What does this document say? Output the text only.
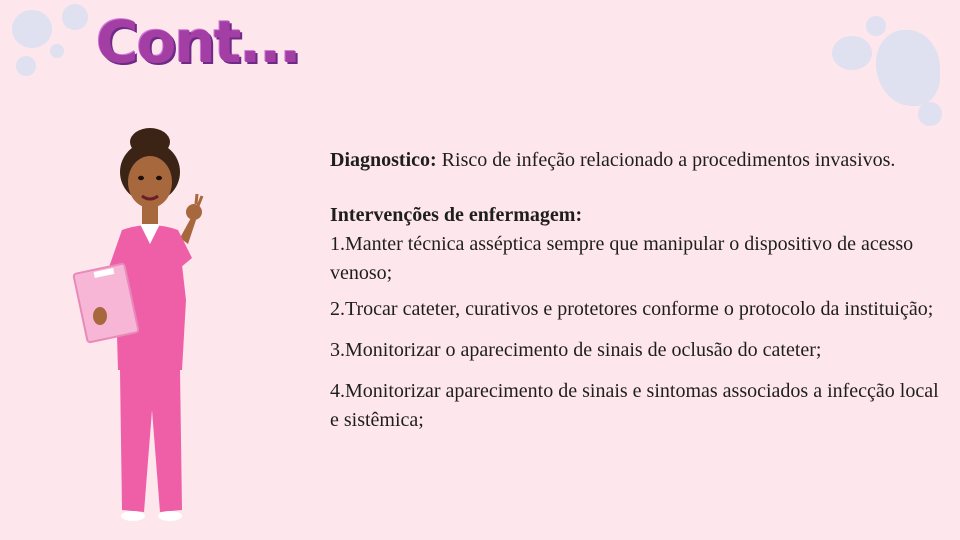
Cont...

Diagnostico: Risco de infeção relacionado a procedimentos invasivos.

Intervenções de enfermagem:

1.Manter técnica asséptica sempre que manipular o dispositivo de acesso venoso;

2.Trocar cateter, curativos e protetores conforme o protocolo da instituição;

3.Monitorizar o aparecimento de sinais de oclusão do cateter;

4.Monitorizar aparecimento de sinais e sintomas associados a infecção local e sistêmica;
